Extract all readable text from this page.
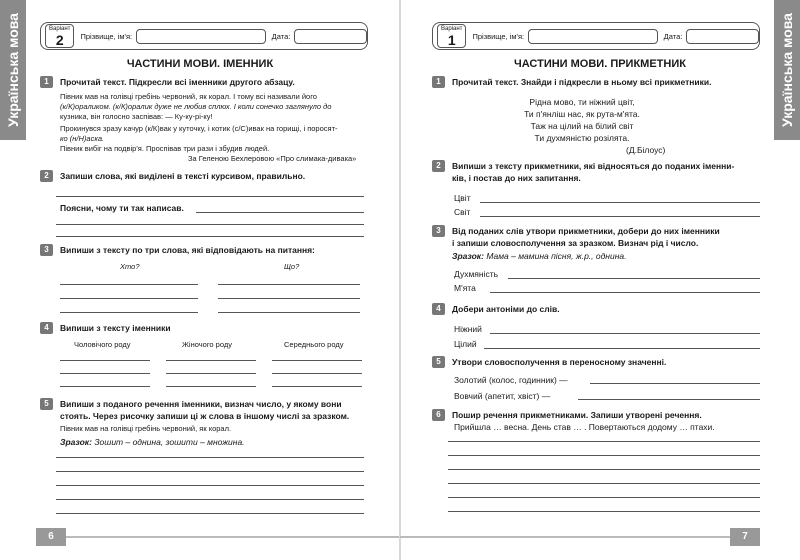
Українська мова	Варіант
2	Прізвище, ім'я:	Дата:
ЧАСТИНИ МОВИ. ІМЕННИК
1	Прочитай текст. Підкресли всі іменники другого абзацу.
Півник мав на голівці гребінь червоний, як корал. І тому всі називали його
(к/К)ораликом. (к/К)оралик дуже не любив сплюх. І коли сонечко заглянуло до
кузника, він голосно заспівав: — Ку-ку-рі-ку!
Прокинувся зразу качур (к/К)вак у куточку, і котик (с/С)ивак на горищі, і поросят-
ко (н/Н)аска.
Півник вибіг на подвір'я. Проспівав три рази і збудив людей.
За Геленою Бехлеровою «Про слимака-дивака»
2	Запиши слова, які виділені в тексті курсивом, правильно.
Поясни, чому ти так написав.
3	Випиши з тексту по три слова, які відповідають на питання:
Хто?	Що?
4	Випиши з тексту іменники
Чоловічого роду	Жіночого роду	Середнього роду
5	Випиши з поданого речення іменники, визнач число, у якому вони
стоять. Через рисочку запиши ці ж слова в іншому числі за зразком.
Півник мав на голівці гребінь червоний, як корал.
Зразок: Зошит – однина, зошити – множина.
6
Українська мова
Варіант
1	Прізвище, ім'я:	Дата:
ЧАСТИНИ МОВИ. ПРИКМЕТНИК
1	Прочитай текст. Знайди і підкресли в ньому всі прикметники.
Рідна мово, ти ніжний цвіт,
Ти п'янліш нас, як рута-м'ята.
Таж на цілий на білий світ
Ти духмяністю розілята.
(Д.Білоус)
2	Випиши з тексту прикметники, які відносяться до поданих іменни-
ків, і постав до них запитання.
Цвіт
Світ
3	Від поданих слів утвори прикметники, добери до них іменники
і запиши словосполучення за зразком. Визнач рід і число.
Зразок: Мама – мамина пісня, ж.р., однина.
Духмяність
М'ята
4	Добери антоніми до слів.
Ніжний
Цілий
5	Утвори словосполучення в переносному значенні.
Золотий (колос, годинник) —
Вовчий (апетит, хвіст) —
6	Пошир речення прикметниками. Запиши утворені речення.
Прийшла … весна. День став … . Повертаються додому … птахи.
7
